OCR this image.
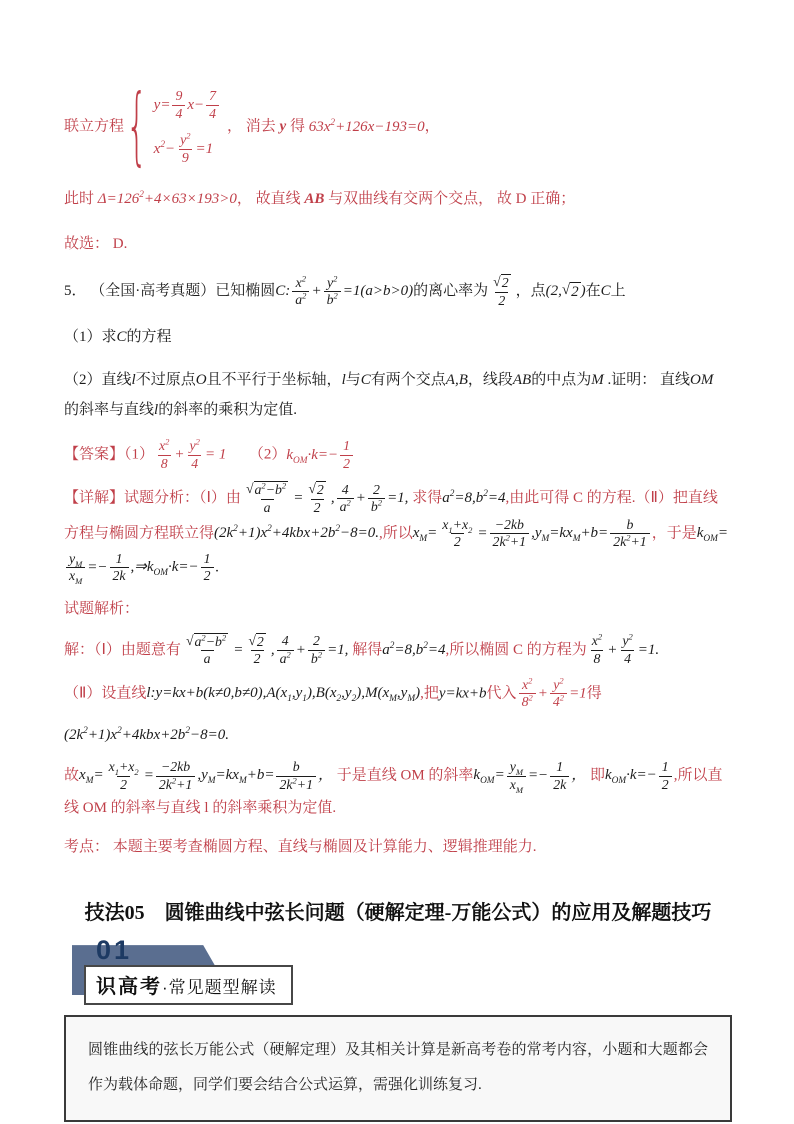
联立方程 { $y= \frac{9}{4} x- \frac{7}{4}$
$x^2- \frac{y^2}{9} =1$
， 消去 y 得 $63x^2+126x-193=0$，

此时 $\Delta=126^2+4\times 63\times 193>0$， 故直线 AB 与双曲线有交两个交点， 故 D 正确；

故选： D.

5． （全国·高考真题）已知椭圆C: $\frac{x^2}{a^2} + \frac{y^2}{b^2} =1(a>b>0)$的离心率为 $\frac{√ 2}{2}$ ，点(2, √ 2 )在C上

（1）求C的方程

（2）直线l不过原点O且不平行于坐标轴，l与C有两个交点A,B，线段AB的中点为M .证明： 直线OM 的斜率与直线l的斜率的乘积为定值.

【答案】$(1) \frac{x^2}{8} + \frac{y^2}{4} = 1$　　$(2)k_{OM}\cdot k=- \frac{1}{2}$

【详解】试题分析：（Ⅰ）由 $\frac{√ a^2-b^2}{a} = \frac{√ 2}{2}$ , $\frac{4}{a^2} + \frac{2}{b^2} =1$, 求得$a^2=8,b^2=4$,由此可得 C 的方程.（Ⅱ）把直线方程与椭圆方程联立得$(2k^2+1)x^2+4kbx+2b^2-8=0$.,所以$x_M= \frac{x_1+x_2}{2} = \frac{-2kb}{2k^2+1} ,y_M=kx_M+b= \frac{b}{2k^2+1}$ ，于是$k_{OM}=$
$\frac{y_M}{x_M} =- \frac{1}{2k}$ $,\Rightarrow k_{OM}\cdot k=- \frac{1}{2}$ .

试题解析：

解：（Ⅰ）由题意有 $\frac{√ a^2-b^2}{a} = \frac{√ 2}{2}$ , $\frac{4}{a^2} + \frac{2}{b^2} =1$, 解得$a^2=8,b^2=4$,所以椭圆 C 的方程为 $\frac{x^2}{8} + \frac{y^2}{4} =1$.

（Ⅱ）设直线$l:y=kx+b(k\ne 0,b\ne 0),A(x_1,y_1),B(x_2,y_2),M(x_M,y_M)$,把y=kx+b代入 $\frac{x^2}{8^2} + \frac{y^2}{4^2} =1$得

$(2k^2+1)x^2+4kbx+2b^2-8=0$.

故$x_M= \frac{x_1+x_2}{2} = \frac{-2kb}{2k^2+1} ,y_M=kx_M+b= \frac{b}{2k^2+1}$ ， 于是直线 OM 的斜率$k_{OM}= \frac{y_M}{x_M} =- \frac{1}{2k}$ ， 即$k_{OM}\cdot k=- \frac{1}{2}$ ,所以直线 OM 的斜率与直线 l 的斜率乘积为定值.

考点： 本题主要考查椭圆方程、直线与椭圆及计算能力、逻辑推理能力.

技法05　圆锥曲线中弦长问题（硬解定理-万能公式）的应用及解题技巧
01
识高考·常见题型解读
圆锥曲线的弦长万能公式（硬解定理）及其相关计算是新高考卷的常考内容，小题和大题都会作为载体命题，同学们要会结合公式运算，需强化训练复习.
